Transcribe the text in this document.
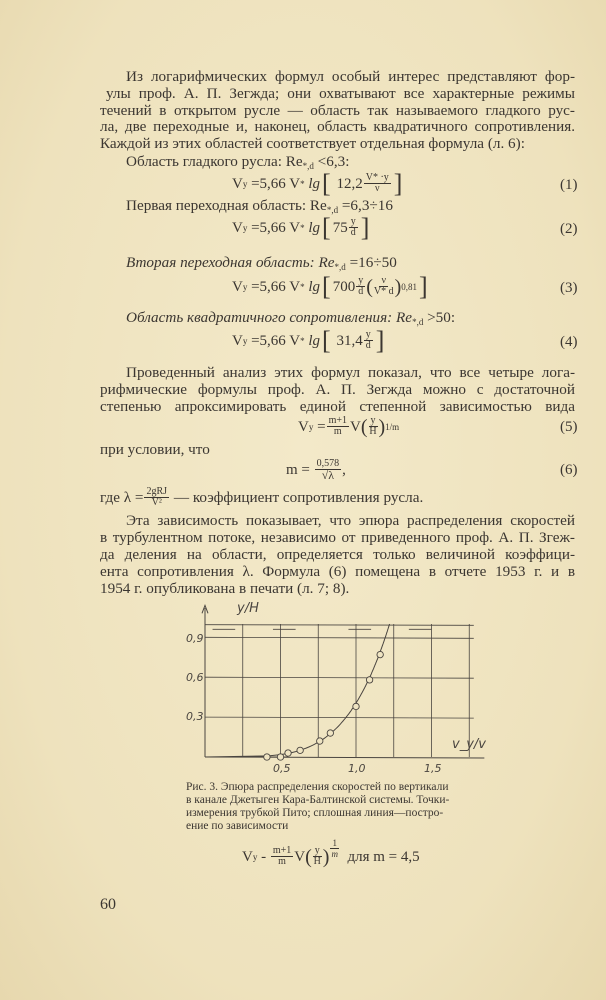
Из логарифмических формул особый интерес представляют фор-
улы проф. А. П. Зегжда; они охватывают все характерные режимы
течений в открытом русле — область так называемого гладкого рус-
ла, две переходные и, наконец, область квадратичного сопротивления.
Каждой из этих областей соответствует отдельная формула (л. 6):
Область гладкого русла: $Re_{*,d} <6,3$:
V y
=5,66 V *
lg [
12,2 V* ·y
ν ]	(1)
Первая переходная область: $Re_{*,d} =6,3\div 16$
V y
=5,66 V *
lg [ 75 y
d ]	(2)
Вторая переходная область: $Re_{*,d} =16\div 50$
V y
=5,66 V *
lg [ 700 y
d ( ν
V* d ) 0,81 ]	(3)
Область квадратичного сопротивления: $Re_{*,d} >50$:
V y
=5,66 V *
lg [
31,4 y
d ]	(4)
Проведенный анализ этих формул показал, что все четыре лога-
рифмические формулы проф. А. П. Зегжда можно с достаточной
степенью апроксимировать единой степенной зависимостью вида
V y
= $\frac{m+1}{m}$ V ( y
H ) 1/m	(5)
при условии, что
m =
0,578
√λ ,	(6)
где λ = 2gRJ
V²
— коэффициент сопротивления русла.
Эта зависимость показывает, что эпюра распределения скоростей
в турбулентном потоке, независимо от приведенного проф. А. П. Згеж-
да деления на области, определяется только величиной коэффици-
ента сопротивления λ. Формула (6) помещена в отчете 1953 г. и в
1954 г. опубликована в печати (л. 7; 8).
y/H
v_y/v
0,5	1,0	1,5
0,3
0,6
0,9
Рис. 3. Эпюра распределения скоростей по вертикали
в канале Джетыген Кара-Балтинской системы. Точки-
измерения трубкой Пито; сплошная линия—постро-
ение по зависимости
V y - m+1
m V ( y
H )
1
m
для m = 4,5
60
